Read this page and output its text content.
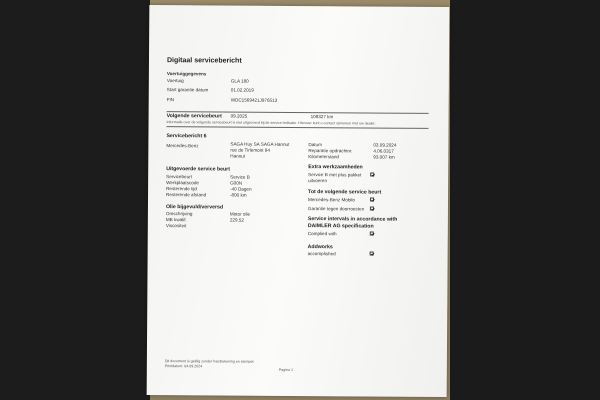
Digitaal servicebericht
Voertuiggegevens
Voertuig	GLA 180
Start garantie datum	01.02.2019
FIN	WDC1569421J976513
Volgende servicebeurt 09.2025	108327 km
Informatie over de volgende servicebeurt is niet uitgevoerd bij de service-indicatie. Hierover kunt u contact opnemen met uw dealer.
Servicebericht 6
Mercedes-Benz	SAGA Huy SA SAGA Hannut
rue de Tirlemont 84
Hannut
Datum	03.09.2024
Reparatie opdrachtnr.	4.06.0317
Kilometerstand	93.007 km
Uitgevoerde service beurt
Servicebeurt	Service B
Werkplaatscode	G00N
Resterende tijd	-40 Dagen
Resterende afstand	-800 km
Olie bijgevuld/verversd
Omschrijving	Motor olie
MB kwalif.	229.52
Viscositeit
Extra werkzaamheden
Service B met plus pakket uitvoeren
Tot de volgende service beurt
Mercedes-Benz Mobilo
Garantie tegen doorroesten
Service intervals in accordance with DAIMLER AG specification
Complied with
Addworks
accomplished
Dit document is geldig zonder handtekening en stempel.
Printdatum: 04.09.2024
Pagina 1
